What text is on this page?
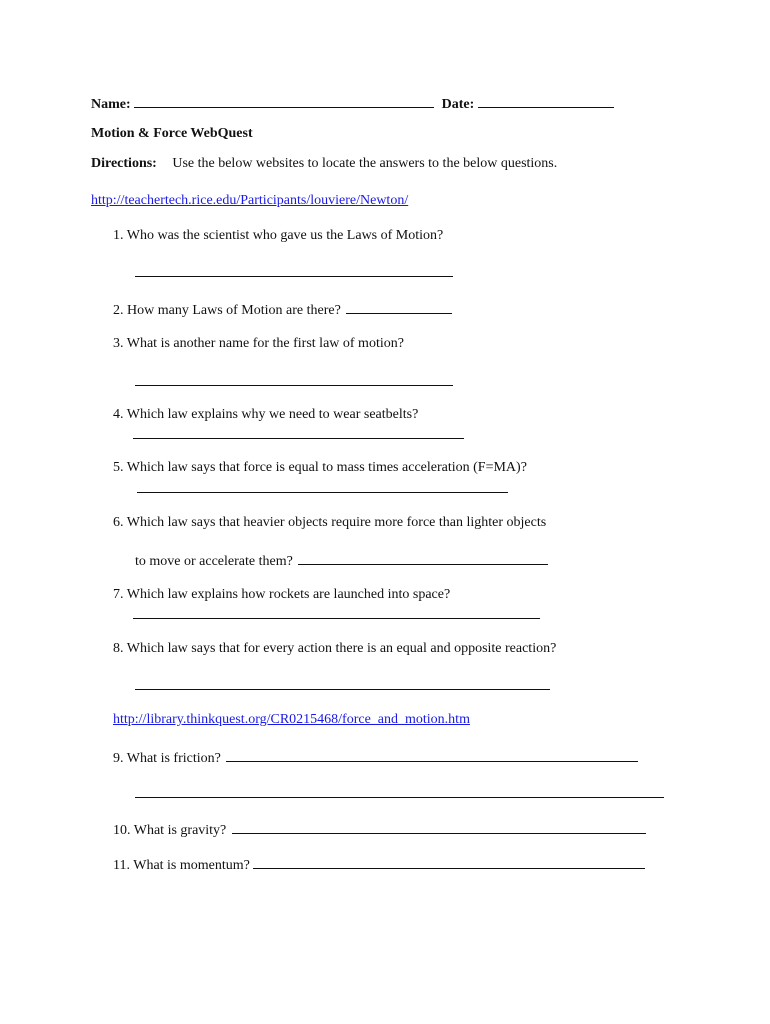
Name:	Date:
Motion & Force WebQuest
Directions: Use the below websites to locate the answers to the below questions.
http://teachertech.rice.edu/Participants/louviere/Newton/
1. Who was the scientist who gave us the Laws of Motion?
2. How many Laws of Motion are there?
3. What is another name for the first law of motion?
4. Which law explains why we need to wear seatbelts?
5. Which law says that force is equal to mass times acceleration (F=MA)?
6. Which law says that heavier objects require more force than lighter objects
to move or accelerate them?
7. Which law explains how rockets are launched into space?
8. Which law says that for every action there is an equal and opposite reaction?
http://library.thinkquest.org/CR0215468/force_and_motion.htm
9. What is friction?
10. What is gravity?
11. What is momentum?
